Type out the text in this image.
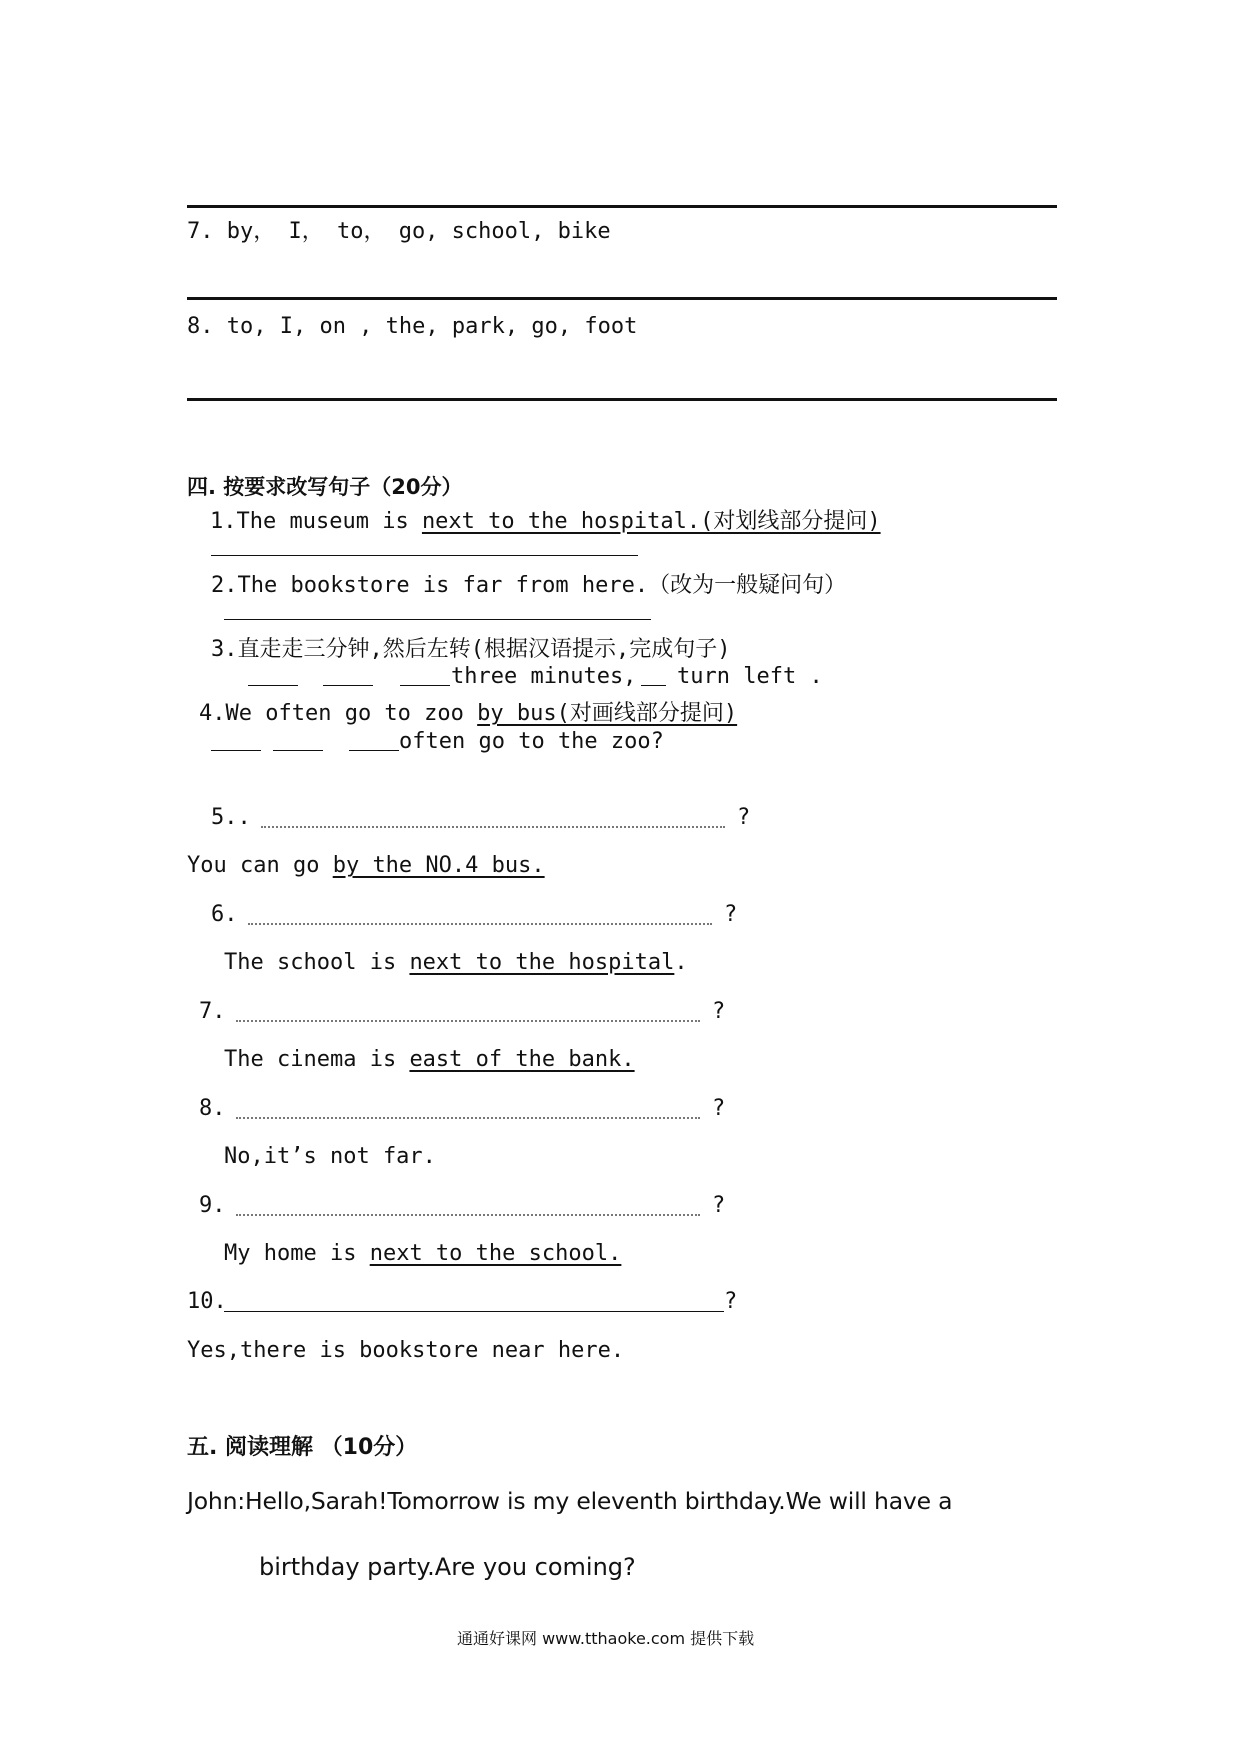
7. by， I， to， go, school, bike
8. to, I, on , the, park, go, foot
四. 按要求改写句子（20分）
1.The museum is next to the hospital.(对划线部分提问)
2.The bookstore is far from here.（改为一般疑问句）
3.直走走三分钟,然后左转(根据汉语提示,完成句子)
three minutes, turn left .
4.We often go to zoo by bus(对画线部分提问)
often go to the zoo?
5..	?
You can go by the NO.4 bus.
6.	?
The school is next to the hospital.
7.	?
The cinema is east of the bank.
8.	?
No,it’s not far.
9.	?
My home is next to the school.
10.	?
Yes,there is bookstore near here.
五. 阅读理解 （10分）
John:Hello,Sarah!Tomorrow is my eleventh birthday.We will have a
birthday party.Are you coming?
通通好课网 www.tthaoke.com 提供下载
